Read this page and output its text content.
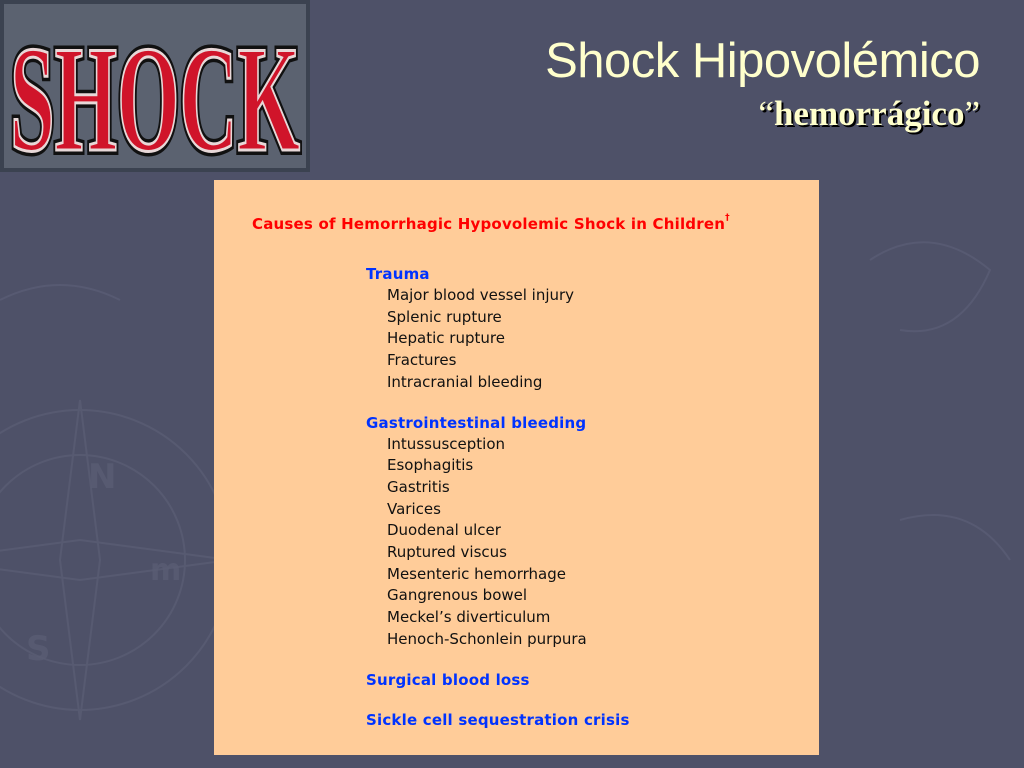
N
S
m
SHOCK
SHOCK	Shock Hipovolémico
“hemorrágico”
Causes of Hemorrhagic Hypovolemic Shock in Children†
Trauma
Major blood vessel injury
Splenic rupture
Hepatic rupture
Fractures
Intracranial bleeding
Gastrointestinal bleeding
Intussusception
Esophagitis
Gastritis
Varices
Duodenal ulcer
Ruptured viscus
Mesenteric hemorrhage
Gangrenous bowel
Meckel’s diverticulum
Henoch-Schonlein purpura
Surgical blood loss
Sickle cell sequestration crisis
